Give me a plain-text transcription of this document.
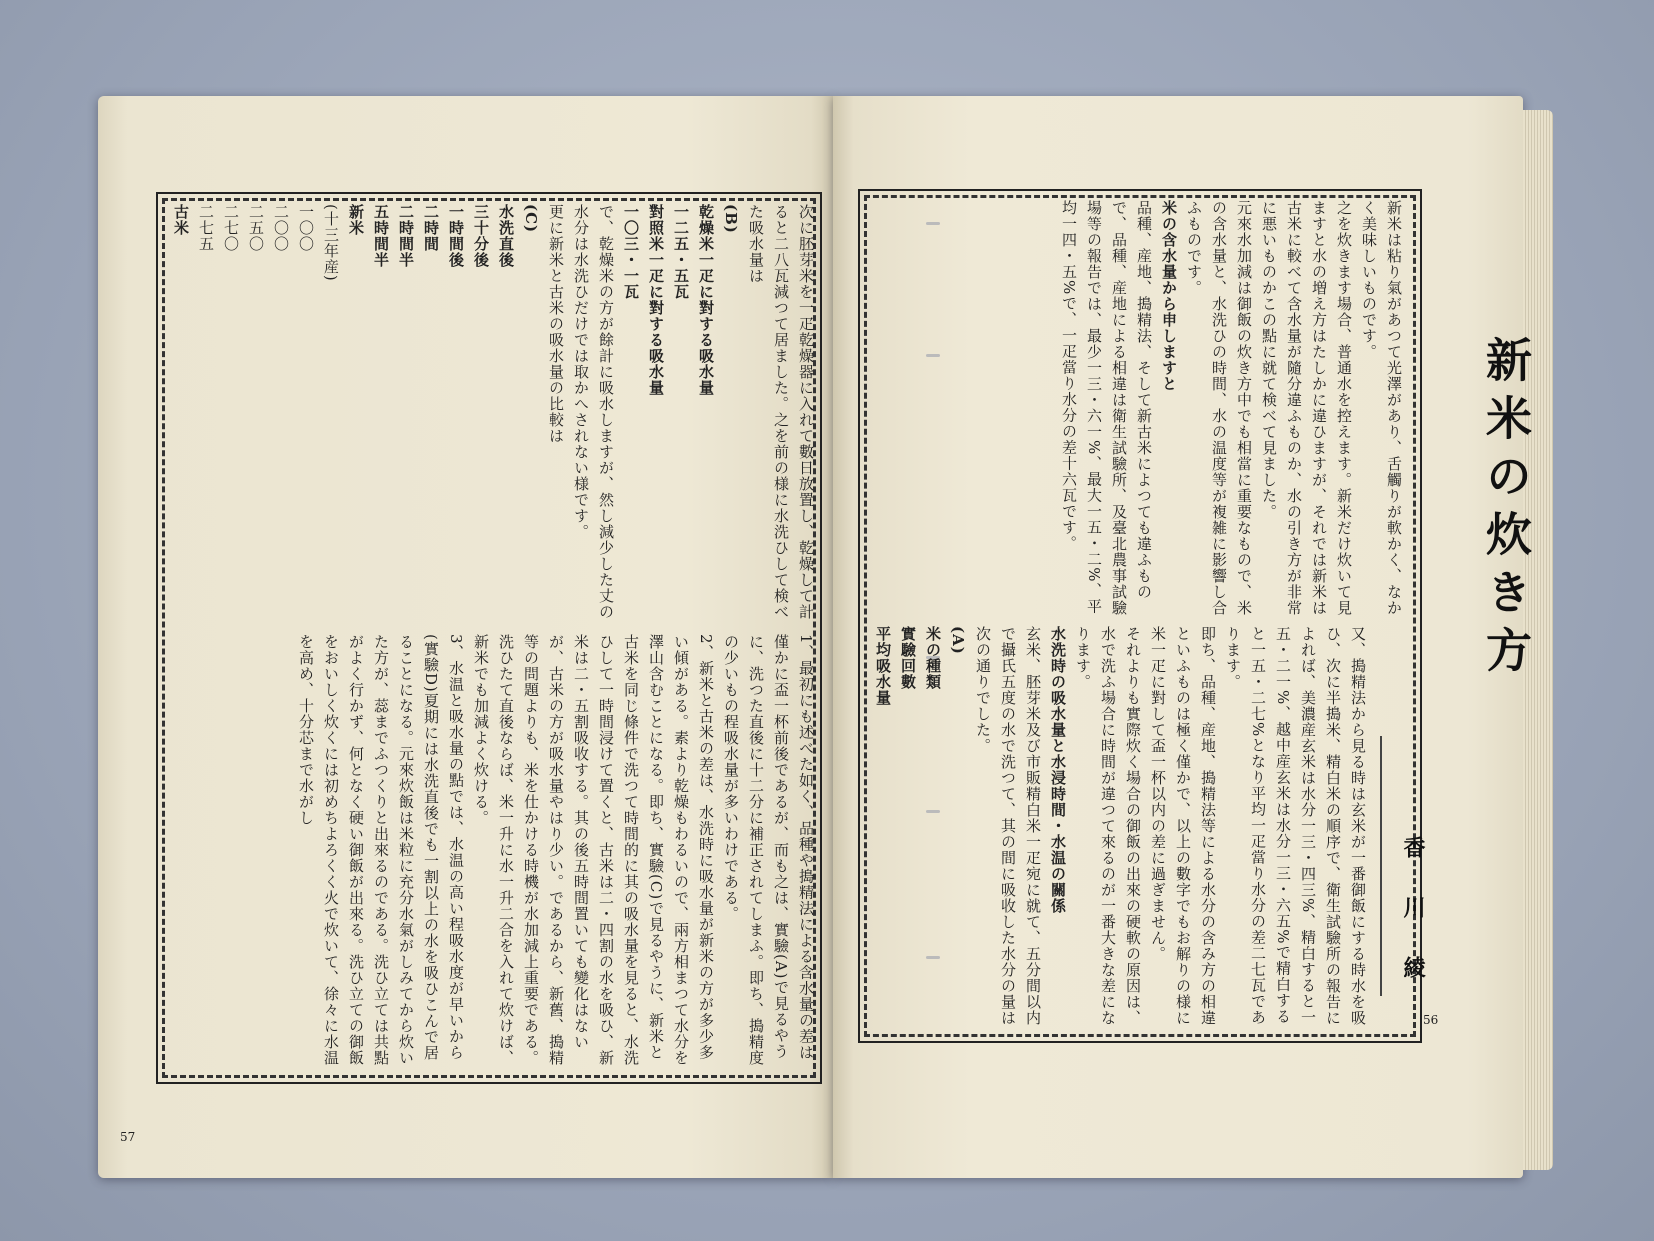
次に胚芽米を一疋乾燥器に入れて數日放置し、乾燥して計ると二八瓦減つて居ました。之を前の様に水洗ひして検べた吸水量は
(B)
乾燥米一疋に對する吸水量
一二五・五瓦
對照米一疋に對する吸水量
一〇三・一瓦
で、乾燥米の方が餘計に吸水しますが、然し減少した丈の水分は水洗ひだけでは取かへされない様です。
更に新米と古米の吸水量の比較は
(C)
水洗直後
三十分後
一時間後
二時間
二時間半
五時間半
新米
(十三年産)
一〇〇
二〇〇
二五〇
二七〇
二七五
古米
1、最初にも述べた如く、品種や搗精法による含水量の差は僅かに盃一杯前後であるが、而も之は、實驗(A)で見るやうに、洗つた直後に十二分に補正されてしまふ。即ち、搗精度の少いもの程吸水量が多いわけである。
2、新米と古米の差は、水洗時に吸水量が新米の方が多少多い傾がある。素より乾燥もわるいので、兩方相まつて水分を澤山含むことになる。即ち、實驗(C)で見るやうに、新米と古米を同じ條件で洗つて時間的に其の吸水量を見ると、水洗ひして一時間浸けて置くと、古米は二・四割の水を吸ひ、新米は二・五割吸收する。其の後五時間置いても變化はないが、古米の方が吸水量やはり少い。であるから、新舊、搗精等の問題よりも、米を仕かける時機が水加減上重要である。洗ひたて直後ならば、米一升に水一升二合を入れて炊けば、新米でも加減よく炊ける。
3、水温と吸水量の點では、水温の高い程吸水度が早いから(實驗D)夏期には水洗直後でも一割以上の水を吸ひこんで居ることになる。元來炊飯は米粒に充分水氣がしみてから炊いた方が、蕊までふつくりと出來るのである。洗ひ立ては共點がよく行かず、何となく硬い御飯が出來る。洗ひ立ての御飯をおいしく炊くには初めちよろくく火で炊いて、徐々に水温を高め、十分芯まで水がし
57
新米は粘り氣があつて光澤があり、舌觸りが軟かく、なかく美味しいものです。
之を炊きます場合、普通水を控えます。新米だけ炊いて見ますと水の増え方はたしかに違ひますが、それでは新米は古米に較べて含水量が隨分違ふものか、水の引き方が非常に悪いものかこの點に就て検べて見ました。
元來水加減は御飯の炊き方中でも相當に重要なもので、米の含水量と、水洗ひの時間、水の温度等が複雑に影響し合ふものです。
米の含水量から申しますと
品種、産地、搗精法、そして新古米によつても違ふもので、品種、産地による相違は衛生試驗所、及臺北農事試驗場等の報告では、最少一三・六一%、最大一五・二%、平均一四・五%で、一疋當り水分の差十六瓦です。
又、搗精法から見る時は玄米が一番御飯にする時水を吸ひ、次に半搗米、精白米の順序で、衛生試驗所の報告によれば、美濃産玄米は水分一三・四三%、精白すると一五・二一%、越中産玄米は水分一三・六五%で精白すると一五・二七%となり平均一疋當り水分の差二七瓦であります。
即ち、品種、産地、搗精法等による水分の含み方の相違といふものは極く僅かで、以上の數字でもお解りの様に米一疋に對して盃一杯以内の差に過ぎません。
それよりも實際炊く場合の御飯の出來の硬軟の原因は、水で洗ふ場合に時間が違つて來るのが一番大きな差になります。
水洗時の吸水量と水浸時間・水温の關係
玄米、胚芽米及び市販精白米一疋宛に就て、五分間以内で攝氏五度の水で洗つて、其の間に吸收した水分の量は次の通りでした。
(A)
米の種類
實驗回數
平均吸水量	新米の炊き方
香川綾
56
